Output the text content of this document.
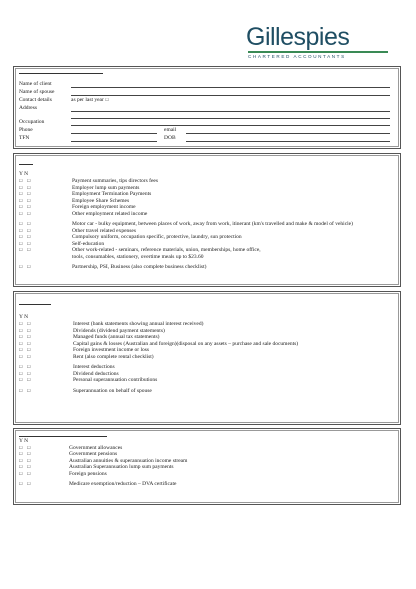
Gillespies
CHARTERED ACCOUNTANTS
Name of client
Name of spouse
Contact details	as per last year ☐
Address
Occupation
Phone	email
TFN	DOB
Y N
☐ ☐	Payment summaries, tips directors fees
☐ ☐	Employer lump sum payments
☐ ☐	Employment Termination Payments
☐ ☐	Employee Share Schemes
☐ ☐	Foreign employment income
☐ ☐	Other employment related income
☐ ☐	Motor car - bulky equipment, between places of work, away from work, itinerant (km's travelled and make & model of vehicle)
☐ ☐	Other travel related expenses
☐ ☐	Compulsory uniform, occupation specific, protective, laundry, sun protection
☐ ☐	Self-education
☐ ☐	Other work-related - seminars, reference materials, union, memberships, home office,
tools, consumables, stationery, overtime meals up to $23.60
☐ ☐	Partnership, PSI, Business (also complete business checklist)
Y N
☐ ☐	Interest (bank statements showing annual interest received)
☐ ☐	Dividends (dividend payment statements)
☐ ☐	Managed funds (annual tax statements)
☐ ☐	Capital gains & losses (Australian and foreign)(disposal on any assets – purchase and sale documents)
☐ ☐	Foreign investment income or loss
☐ ☐	Rent (also complete rental checklist)
☐ ☐	Interest deductions
☐ ☐	Dividend deductions
☐ ☐	Personal superannuation contributions
☐ ☐	Superannuation on behalf of spouse
Y N
☐ ☐	Government allowances
☐ ☐	Government pensions
☐ ☐	Australian annuities & superannuation income stream
☐ ☐	Australian Superannuation lump sum payments
☐ ☐	Foreign pensions
☐ ☐	Medicare exemption/reduction – DVA certificate
